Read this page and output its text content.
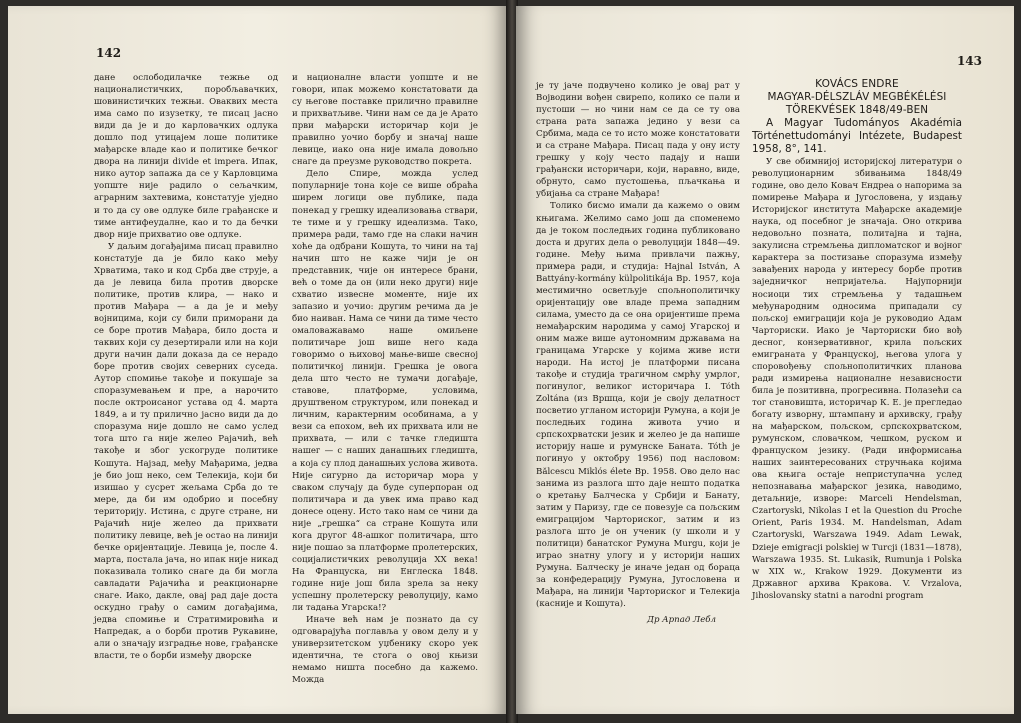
142

дане ослободилачке тежње од националистичких, поробљавачких, шовинистичких тежњи. Оваквих места има само по изузетку, те писац јасно види да је и до карловачких одлука дошло под утицајем лоше политике мађарске владе као и политике бечког двора на линији divide et impera. Ипак, нико аутор запажа да се у Карловцима уопште није радило о сељачким, аграрним захтевима, констатује уједно и то да су ове одлуке биле грађанске и тиме антифеудалне, као и то да бечки двор није прихватио ове одлуке.

У даљим догађајима писац правилно констатује да је било како међу Хрватима, тако и код Срба две струје, а да је левица била против дворске политике, против клира, — нако и против Мађара — а да је и међу војницима, који су били приморани да се боре против Мађара, било доста и таквих који су дезертирали или на који други начин дали доказа да се нерадо боре против својих северних суседа. Аутор спомиње такође и покушаје за споразумевањем и пре, а нарочито после октроисаног устава од 4. марта 1849, а и ту прилично јасно види да до споразума није дошло не само услед тога што га није желео Рајачић, већ такође и због ускогруде политике Кошута. Најзад, међу Мађарима, једва је био још неко, сем Телекија, који би изишао у сусрет жељама Срба до те мере, да би им одобрио и посебну територију. Истина, с друге стране, ни Рајачић није желео да прихвати политику левице, већ је остао на линији бечке оријентације. Левица је, после 4. марта, постала јача, но ипак није никад показивала толико снаге да би могла савладати Рајачића и реакционарне снаге. Иако, дакле, овај рад даје доста оскудно грађу о самим догађајима, једва спомиње и Стратимировића и Напредак, а о борби против Рукавине, али о значају изградње нове, грађанске власти, те о борби између дворске

и националне власти уопште и не говори, ипак можемо констатовати да су његове поставке прилично правилне и прихватљиве. Чини нам се да је Арато први мађарски историчар који је правилно уочио борбу и значај наше левице, иако она није имала довољно снаге да преузме руководство покрета.

Дело Спире, можда услед популарније тона које се више обраћа ширем логици ове публике, пада понекад у грешку идеализовања ствари, те тиме и у грешку идеализма. Тако, примера ради, тамо где на слаки начин хоће да одбрани Кошута, то чини на тај начин што не каже чији је он представник, чије он интересе брани, већ о томе да он (или неко други) није схватио извесне моменте, није их запазио и уочио: другим речима да је био наиван. Нама се чини да тиме често омаловажавамо наше омиљене политичаре још више него када говоримо о њиховој мање-више свесној политичкој линији. Грешка је овога дела што често не тумачи догађаје, ставове, платформе, условима, друштвеном структуром, или понекад и личним, карактерним особинама, а у вези са епохом, већ их прихвата или не прихвата, — или с тачке гледишта нашег — с наших данашњих гледишта, а која су плод данашњих услова живота. Није сигурно да историчар мора у сваком случају да буде суперпоран од политичара и да увек има право кад донесе оцену. Исто тако нам се чини да није „грешка“ са стране Кошута или кога другог 48-ашког политичара, што није пошао за платформе пролетерских, социјалистичких револуција XX века! На Француска, ни Енглеска 1848. године није још била зрела за неку успешну пролетерску револуцију, камо ли тадања Угарска!?

Иначе већ нам је познато да су одговарајућа поглавља у овом делу и у универзитетском уџбенику скоро уек идентична, те стога о овој књизи немамо ништа посебно да кажемо. Можда

143

је ту јаче подвучено колико је овај рат у Војводини вођен свирепо, колико се пали и пустоши — но чини нам се да се ту ова страна рата запажа једино у вези са Србима, мада се то исто може констатовати и са стране Мађара. Писац пада у ону исту грешку у коју често падају и наши грађански историчари, који, наравно, виде, обрнуто, само пустошења, пљачкања и убијања са стране Мађара!

Толико бисмо имали да кажемо о овим књигама. Желимо само још да споменемо да је током последњих година публиковано доста и других дела о револуцији 1848—49. године. Међу њима привлачи пажњу, примера ради, и студија: Hajnal István, A Battyány-kormány külpolitikája Bp. 1957, која местимично осветљује спољнополитичку оријентацију ове владе према западним силама, уместо да се она оријентише према немађарским народима у самој Угарској и оним маже више аутономним државама на границама Угарске у којима живе исти народи. На истој је платформи писана такође и студија трагичном смрћу умрлог, погинулог, великог историчара I. Tóth Zoltána (из Вршца, који је своју делатност посветио угланом историји Румуна, а који је последњих година живота учио и српскохрватски језик и желео је да напише историју наше и румунске Баната. Tóth је погинуо у октобру 1956) под насловом: Bălcescu Miklós élete Bp. 1958. Ово дело нас занима из разлога што даје нешто податка о кретању Балческа у Србији и Банату, затим у Паризу, где се повезује са пољским емиграцијом Чарториског, затим и из разлога што је он ученик (у школи и у политици) банатског Румуна Murgu, који је играо знатну улогу и у историји наших Румуна. Балческу је иначе један од бораца за конфедерацију Румуна, Југословена и Мађара, на линији Чарториског и Телекија (касније и Кошута).

Др Арпад Лебл
KOVÁCS ENDRE
MAGYAR-DÉLSZLÁV MEGBÉKÉLÉSI
TÖREKVÉSEK 1848/49-BEN

A Magyar Tudományos Akadémia Történettudományi Intézete, Budapest 1958, 8°, 141.

У све обимнијој историјској литератури о револуционарним збивањима 1848/49 године, ово дело Ковач Ендреа о напорима за помирење Мађара и Југословена, у издању Историјског института Мађарске академије наука, од посебног је значаја. Оно открива недовољно позната, политајна и тајна, закулисна стремљења дипломатског и војног карактера за постизање споразума између завађених народа у интересу борбе против заједничког непријатеља. Најупорнији носиоци тих стремљења у тадашњем међународним односима припадали су пољској емиграцији која је руководио Адам Чарториски. Иако је Чарториски био вођ десног, конзервативног, крила пољских емиграната у Француској, његова улога у споровођењу спољнополитичких планова ради измирења националне независности била је позитивна, прогресивна. Полазећи са тог становишта, историчар К. Е. је прегледао богату изворну, штампану и архивску, грађу на мађарском, пољском, српскохрватском, румунском, словачком, чешком, руском и француском језику. (Ради информисања наших заинтересованих стручњака којима ова књига остаје неприступачна услед непознавања мађарског језика, наводимо, детаљније, изворе: Marceli Hendelsman, Czartoryski, Nikolas I et la Question du Proche Orient, Paris 1934. M. Handelsman, Adam Czartoryski, Warszawa 1949. Adam Lewak, Dzieje emigracji polskiej w Turcji (1831—1878), Warszawa 1935. St. Lukasik, Rumunja i Polska w XIX w., Krakow 1929. Документи из Државног архива Кракова. V. Vrzalova, Jihoslovansky statni a narodni program
